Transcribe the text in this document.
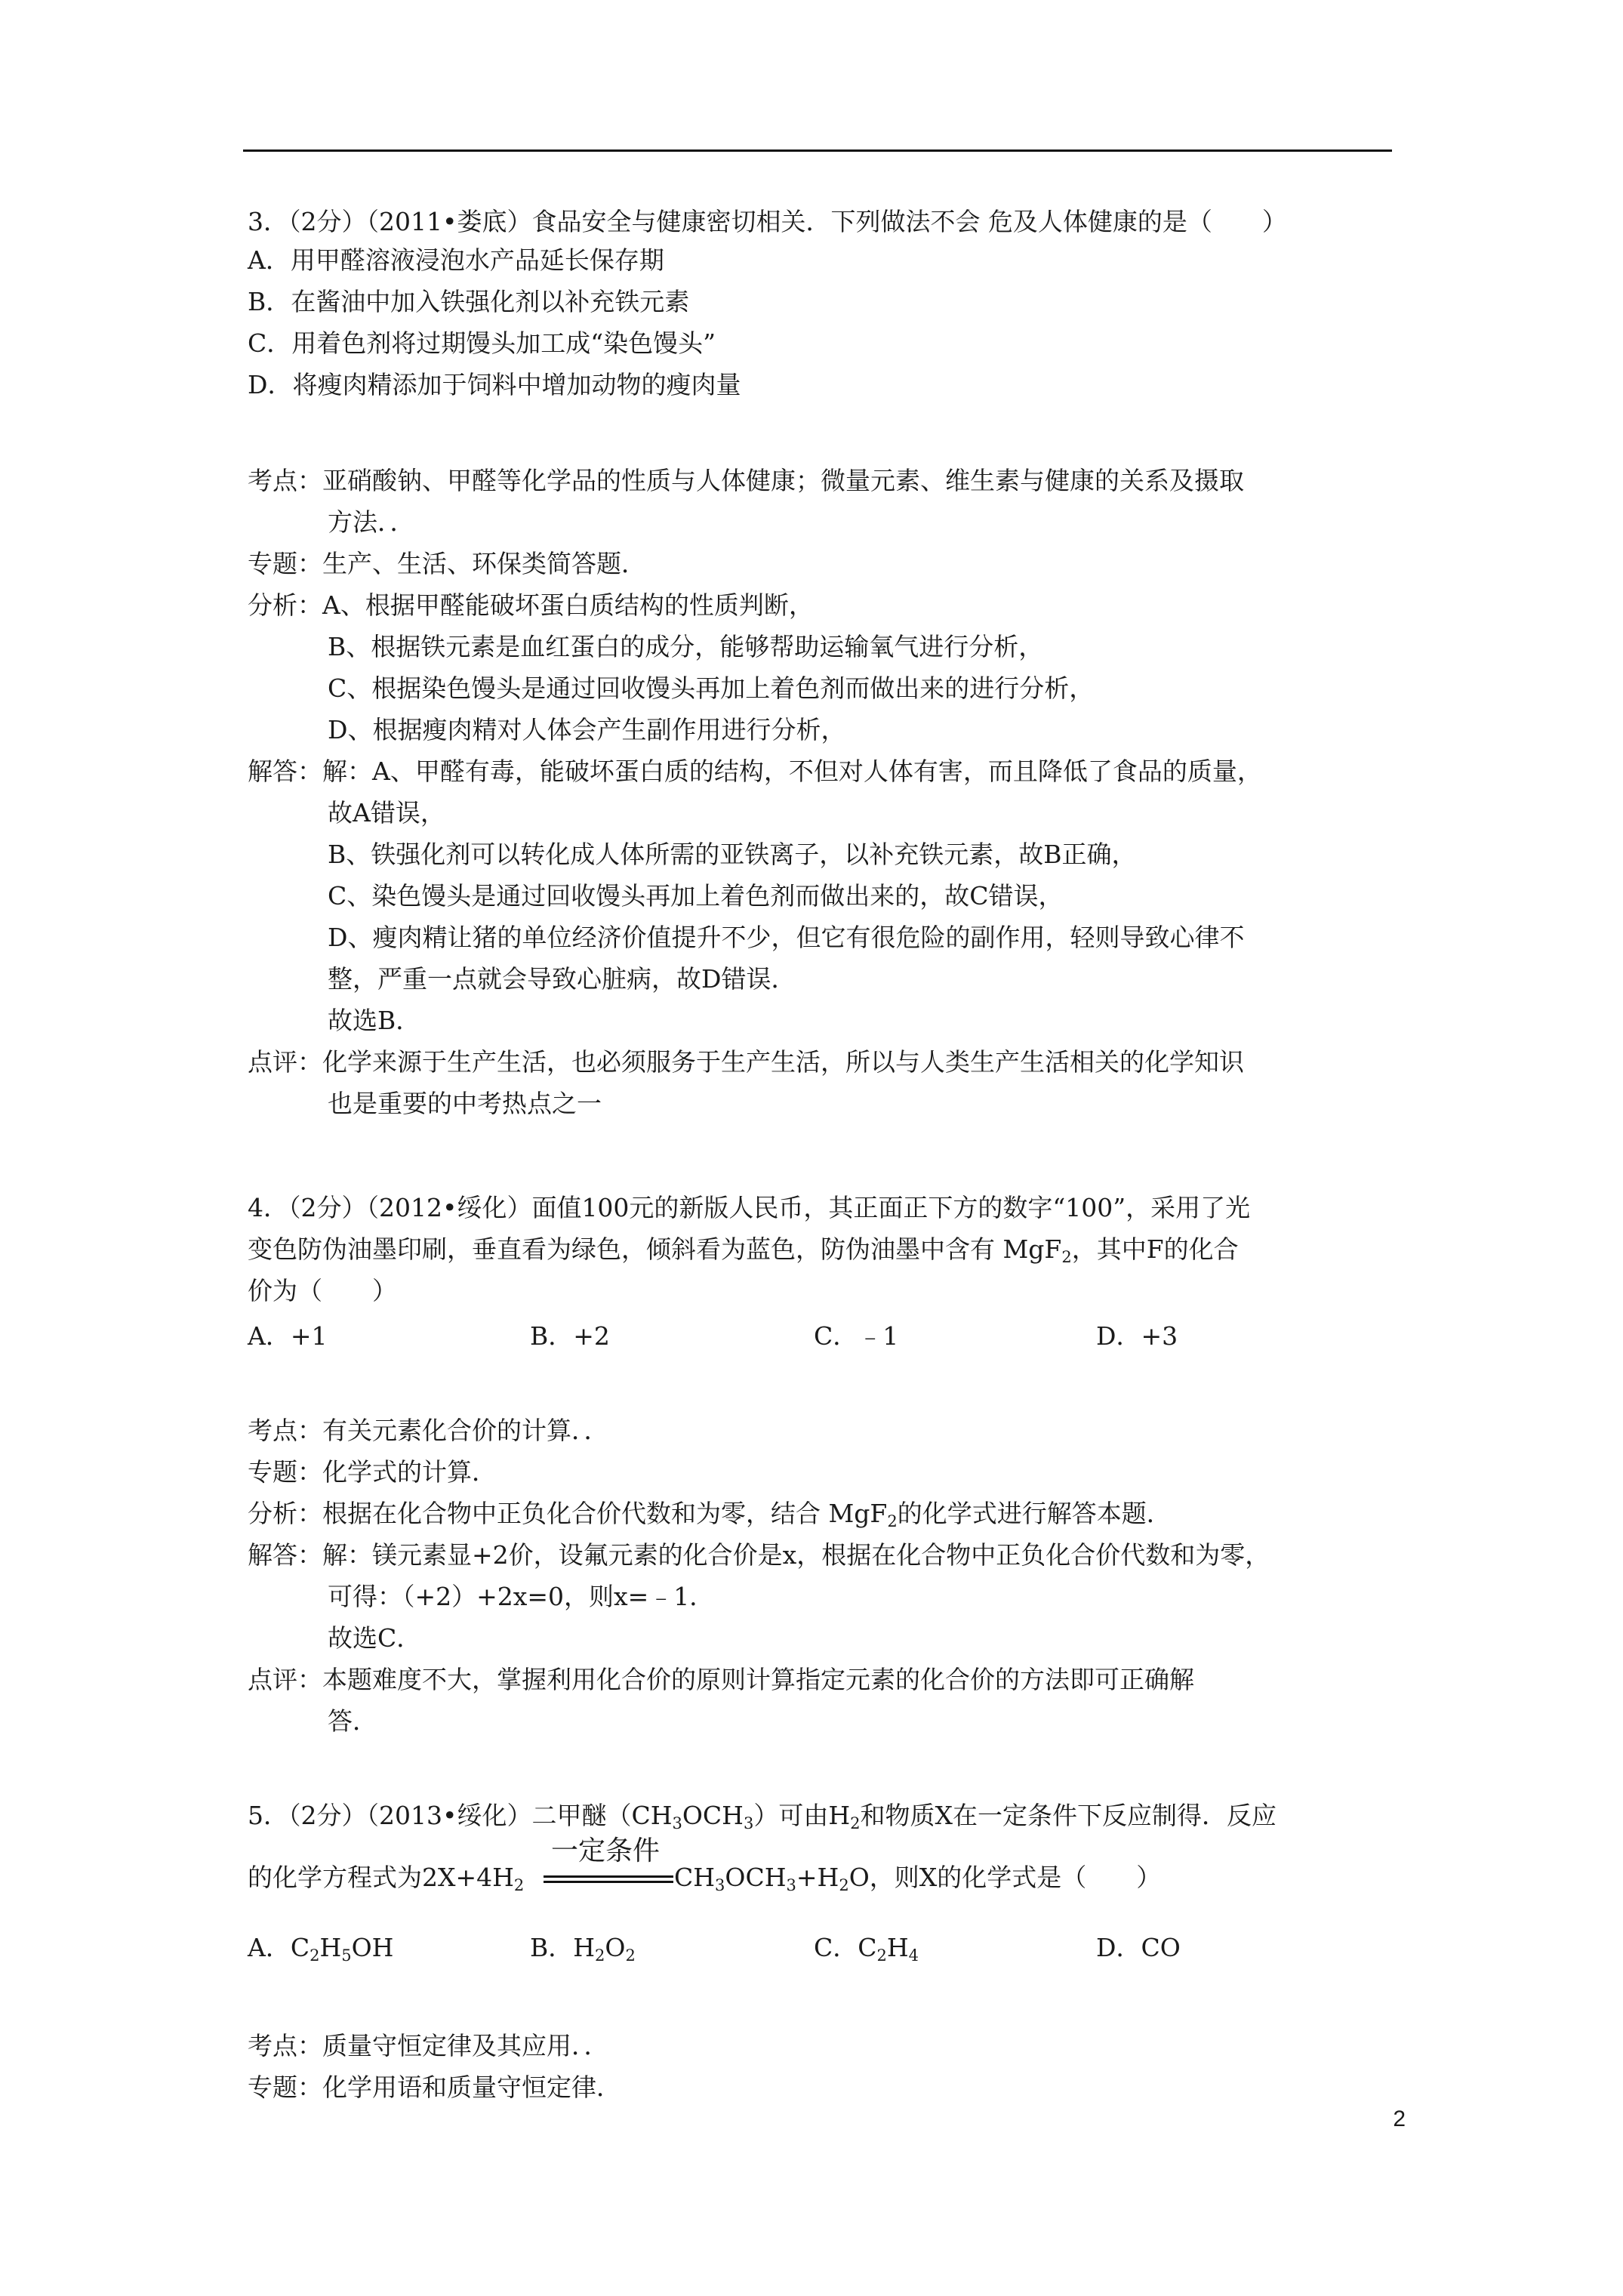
3．（2分）（2011•娄底）食品安全与健康密切相关．下列做法不会 危及人体健康的是（　　）
A．用甲醛溶液浸泡水产品延长保存期
B．在酱油中加入铁强化剂以补充铁元素
C．用着色剂将过期馒头加工成“染色馒头”
D．将瘦肉精添加于饲料中增加动物的瘦肉量
考点：亚硝酸钠、甲醛等化学品的性质与人体健康；微量元素、维生素与健康的关系及摄取
方法．．
专题：生产、生活、环保类简答题．
分析：A、根据甲醛能破坏蛋白质结构的性质判断，
B、根据铁元素是血红蛋白的成分，能够帮助运输氧气进行分析，
C、根据染色馒头是通过回收馒头再加上着色剂而做出来的进行分析，
D、根据瘦肉精对人体会产生副作用进行分析，
解答：解：A、甲醛有毒，能破坏蛋白质的结构，不但对人体有害，而且降低了食品的质量，
故A错误，
B、铁强化剂可以转化成人体所需的亚铁离子，以补充铁元素，故B正确，
C、染色馒头是通过回收馒头再加上着色剂而做出来的，故C错误，
D、瘦肉精让猪的单位经济价值提升不少，但它有很危险的副作用，轻则导致心律不
整，严重一点就会导致心脏病，故D错误．
故选B．
点评：化学来源于生产生活，也必须服务于生产生活，所以与人类生产生活相关的化学知识
也是重要的中考热点之一
4．（2分）（2012•绥化）面值100元的新版人民币，其正面正下方的数字“100”，采用了光
变色防伪油墨印刷，垂直看为绿色，倾斜看为蓝色，防伪油墨中含有 MgF$_2$，其中F的化合
价为（　　）
A．+1	B．+2	C．﹣1	D．+3
考点：有关元素化合价的计算．．
专题：化学式的计算．
分析：根据在化合物中正负化合价代数和为零，结合 MgF$_2$的化学式进行解答本题．
解答：解：镁元素显+2价，设氟元素的化合价是x，根据在化合物中正负化合价代数和为零，
可得：（+2）+2x=0，则x=﹣1．
故选C．
点评：本题难度不大，掌握利用化合价的原则计算指定元素的化合价的方法即可正确解
答．
5．（2分）（2013•绥化）二甲醚$(CH_3OCH_3)$可由$H_2$和物质X在一定条件下反应制得．反应
一定条件
的化学方程式为$2X+4H_2$	$CH_3OCH_3+H_2O$，则X的化学式是（　　）
A．$C_2H_5OH$	B．$H_2O_2$	C．$C_2H_4$	D．CO
考点：质量守恒定律及其应用．．
专题：化学用语和质量守恒定律．
2
